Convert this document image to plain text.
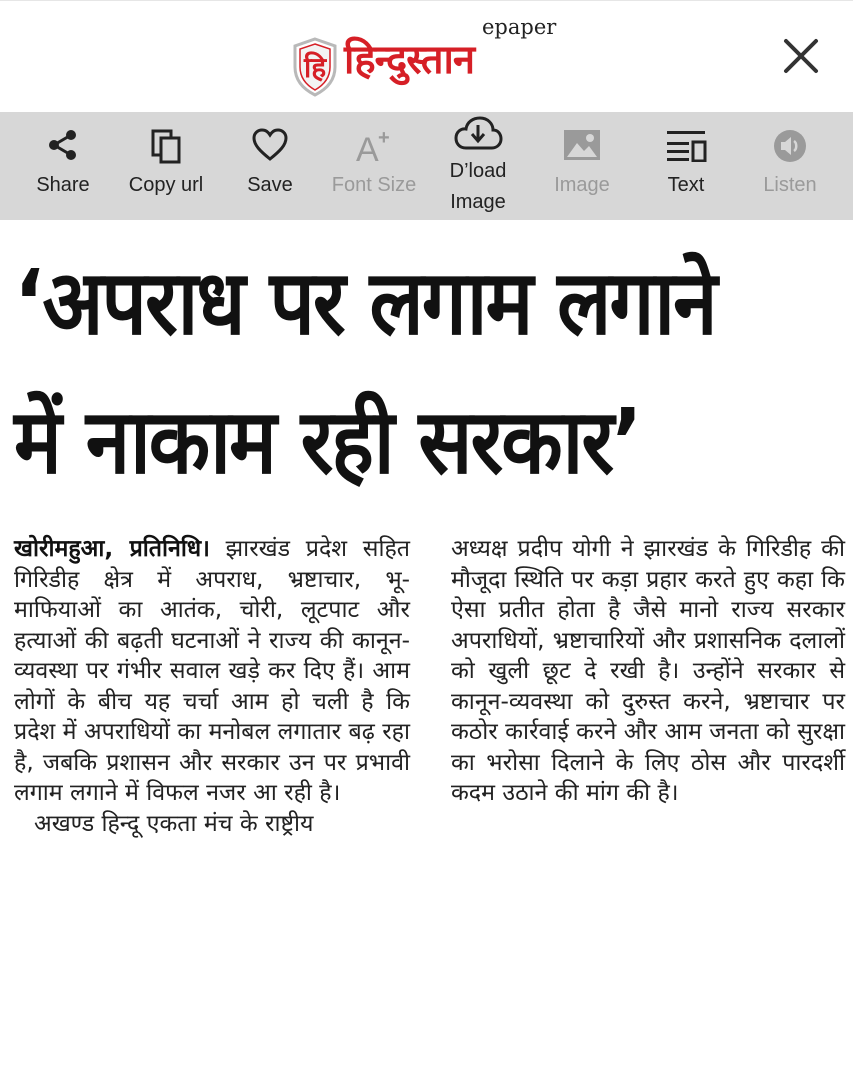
हि
epaper
हिन्दुस्तान
Share	Copy url	Save
A +
Font Size
D’load Image
Image	Text	Listen
‘अपराध पर लगाम लगाने
में नाकाम रही सरकार’

खोरीमहुआ, प्रतिनिधि। झारखंड प्रदेश सहित गिरिडीह क्षेत्र में अपराध, भ्रष्टाचार, भू-माफियाओं का आतंक, चोरी, लूटपाट और हत्याओं की बढ़ती घटनाओं ने राज्य की कानून-व्यवस्था पर गंभीर सवाल खड़े कर दिए हैं। आम लोगों के बीच यह चर्चा आम हो चली है कि प्रदेश में अपराधियों का मनोबल लगातार बढ़ रहा है, जबकि प्रशासन और सरकार उन पर प्रभावी लगाम लगाने में विफल नजर आ रही है।

अखण्ड हिन्दू एकता मंच के राष्ट्रीय

अध्यक्ष प्रदीप योगी ने झारखंड के गिरिडीह की मौजूदा स्थिति पर कड़ा प्रहार करते हुए कहा कि ऐसा प्रतीत होता है जैसे मानो राज्य सरकार अपराधियों, भ्रष्टाचारियों और प्रशासनिक दलालों को खुली छूट दे रखी है। उन्होंने सरकार से कानून-व्यवस्था को दुरुस्त करने, भ्रष्टाचार पर कठोर कार्रवाई करने और आम जनता को सुरक्षा का भरोसा दिलाने के लिए ठोस और पारदर्शी कदम उठाने की मांग की है।
